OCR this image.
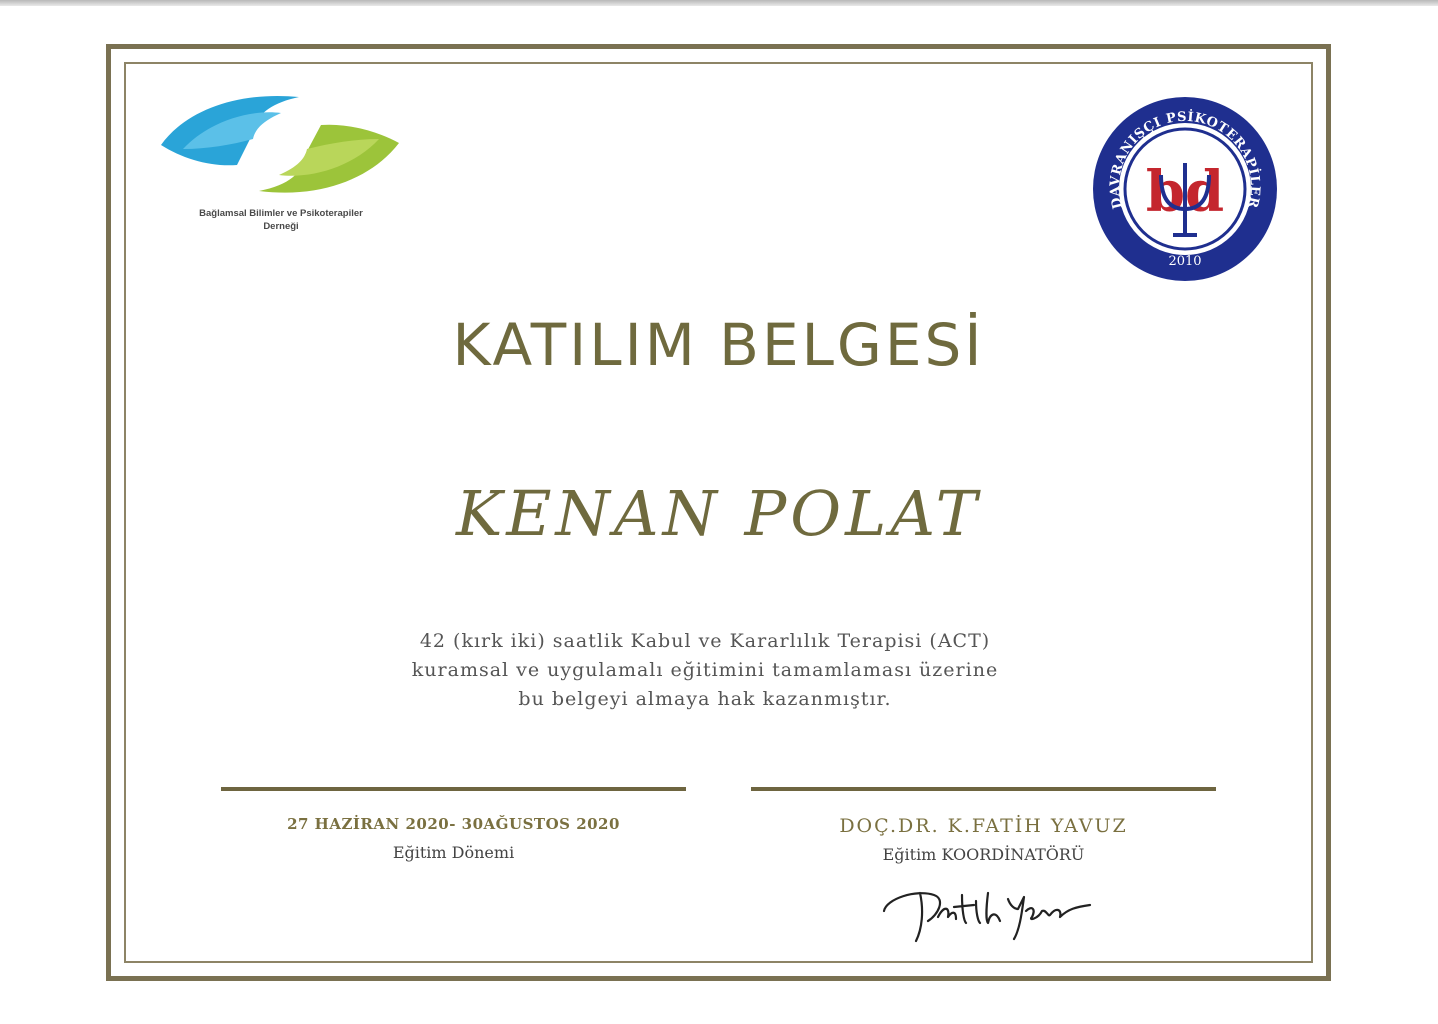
Bağlamsal Bilimler ve Psikoterapiler
Derneği
DAVRANIŞÇI PSİKOTERAPİLER
2010
bd
KATILIM BELGESİ
KENAN POLAT
42 (kırk iki) saatlik Kabul ve Kararlılık Terapisi (ACT)
kuramsal ve uygulamalı eğitimini tamamlaması üzerine
bu belgeyi almaya hak kazanmıştır.
27 HAZİRAN 2020- 30AĞUSTOS 2020
Eğitim Dönemi
DOÇ.DR. K.FATİH YAVUZ
Eğitim KOORDİNATÖRÜ
